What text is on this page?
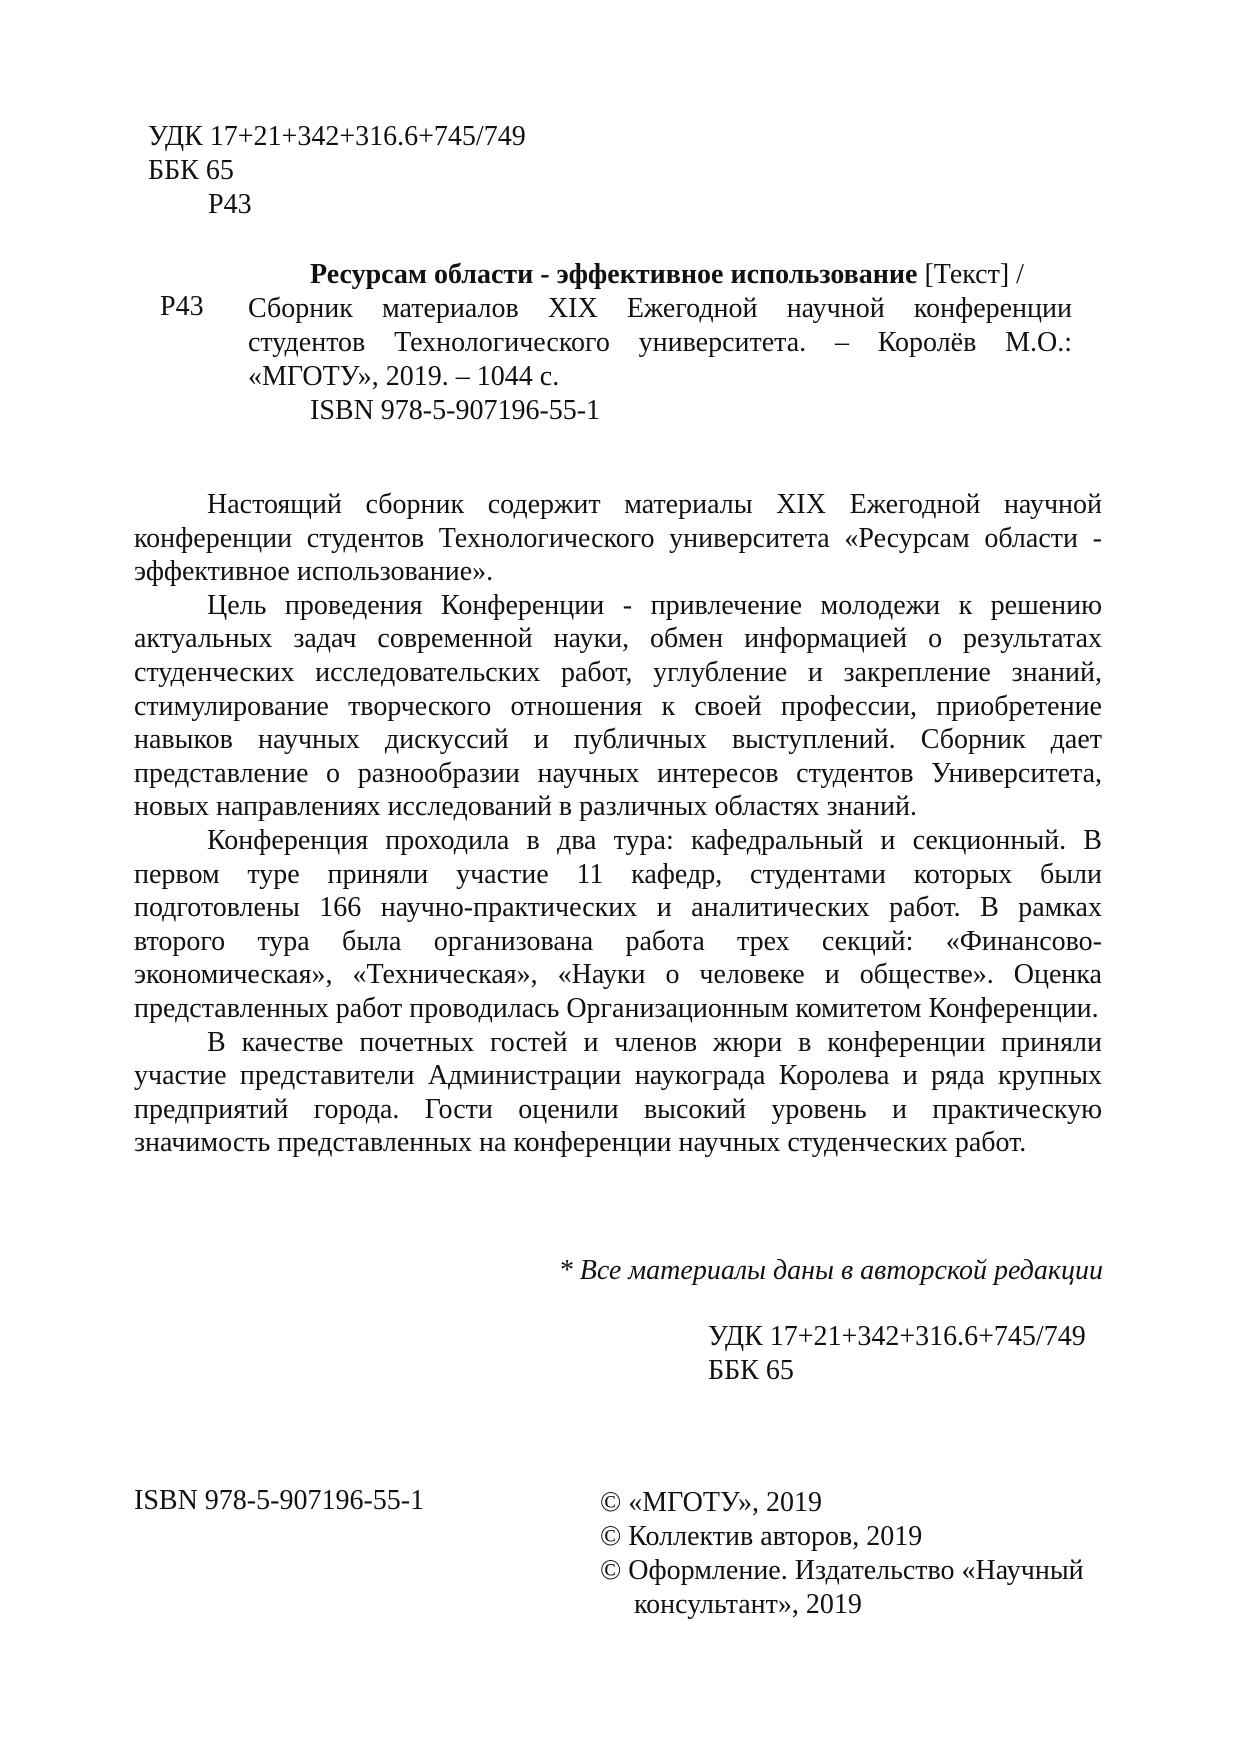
УДК 17+21+342+316.6+745/749
ББК 65
Р43
Р43
Ресурсам области - эффективное использование [Текст] /
Сборник материалов XIX Ежегодной научной конференции
студентов Технологического университета. – Королёв М.О.:
«МГОТУ», 2019. – 1044 с.
ISBN 978-5-907196-55-1

Настоящий сборник содержит материалы XIX Ежегодной научной конференции студентов Технологического университета «Ресурсам области - эффективное использование».

Цель проведения Конференции - привлечение молодежи к решению актуальных задач современной науки, обмен информацией о результатах студенческих исследовательских работ, углубление и закрепление знаний, стимулирование творческого отношения к своей профессии, приобретение навыков научных дискуссий и публичных выступлений. Сборник дает представление о разнообразии научных интересов студентов Университета, новых направлениях исследований в различных областях знаний.

Конференция проходила в два тура: кафедральный и секционный. В первом туре приняли участие 11 кафедр, студентами которых были подготовлены 166 научно-практических и аналитических работ. В рамках второго тура была организована работа трех секций: «Финансово-экономическая», «Техническая», «Науки о человеке и обществе». Оценка представленных работ проводилась Организационным комитетом Конференции.

В качестве почетных гостей и членов жюри в конференции приняли участие представители Администрации наукограда Королева и ряда крупных предприятий города. Гости оценили высокий уровень и практическую значимость представленных на конференции научных студенческих работ.

* Все материалы даны в авторской редакции
УДК 17+21+342+316.6+745/749
ББК 65
ISBN 978-5-907196-55-1	© «МГОТУ», 2019
© Коллектив авторов, 2019
© Оформление. Издательство «Научный
консультант», 2019
